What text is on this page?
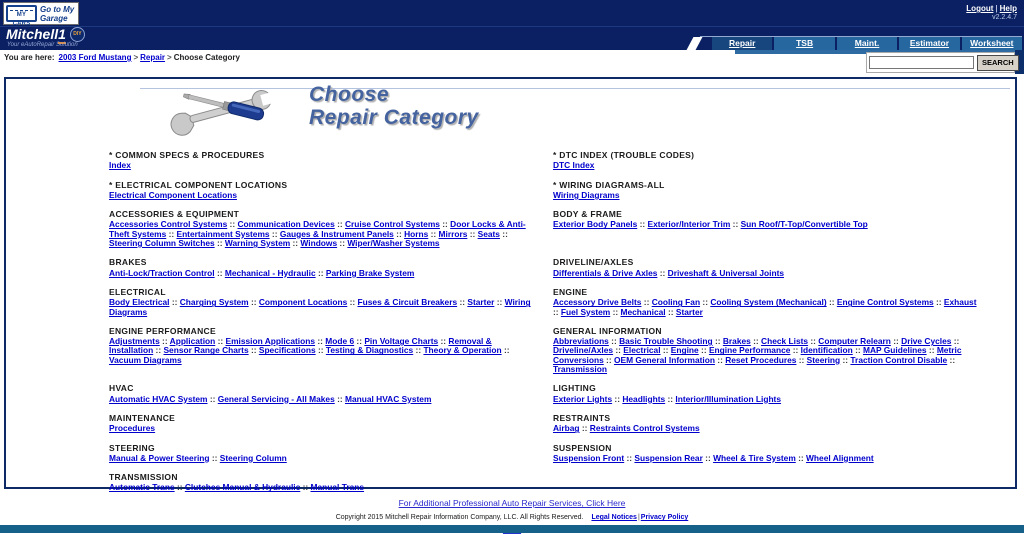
MY CARS
Go to My
Garage
Logout | Help
v2.2.4.7
Mitchell 1	DIY
Your eAutoRepair Solution	Repair	TSB	Maint.	Estimator	Worksheet
You are here: 2003 Ford Mustang > Repair > Choose Category
SEARCH
Choose
Repair Category
* COMMON SPECS & PROCEDURES
Index
* DTC INDEX (TROUBLE CODES)
DTC Index
* ELECTRICAL COMPONENT LOCATIONS
Electrical Component Locations
* WIRING DIAGRAMS-ALL
Wiring Diagrams
ACCESSORIES & EQUIPMENT
Accessories Control Systems :: Communication Devices :: Cruise Control Systems :: Door Locks & Anti-Theft Systems :: Entertainment Systems :: Gauges & Instrument Panels :: Horns :: Mirrors :: Seats :: Steering Column Switches :: Warning System :: Windows :: Wiper/Washer Systems
BODY & FRAME
Exterior Body Panels :: Exterior/Interior Trim :: Sun Roof/T-Top/Convertible Top
BRAKES
Anti-Lock/Traction Control :: Mechanical - Hydraulic :: Parking Brake System
DRIVELINE/AXLES
Differentials & Drive Axles :: Driveshaft & Universal Joints
ELECTRICAL
Body Electrical :: Charging System :: Component Locations :: Fuses & Circuit Breakers :: Starter :: Wiring Diagrams
ENGINE
Accessory Drive Belts :: Cooling Fan :: Cooling System (Mechanical) :: Engine Control Systems :: Exhaust :: Fuel System :: Mechanical :: Starter
ENGINE PERFORMANCE
Adjustments :: Application :: Emission Applications :: Mode 6 :: Pin Voltage Charts :: Removal & Installation :: Sensor Range Charts :: Specifications :: Testing & Diagnostics :: Theory & Operation :: Vacuum Diagrams
GENERAL INFORMATION
Abbreviations :: Basic Trouble Shooting :: Brakes :: Check Lists :: Computer Relearn :: Drive Cycles :: Driveline/Axles :: Electrical :: Engine :: Engine Performance :: Identification :: MAP Guidelines :: Metric Conversions :: OEM General Information :: Reset Procedures :: Steering :: Traction Control Disable :: Transmission
HVAC
Automatic HVAC System :: General Servicing - All Makes :: Manual HVAC System
LIGHTING
Exterior Lights :: Headlights :: Interior/Illumination Lights
MAINTENANCE
Procedures
RESTRAINTS
Airbag :: Restraints Control Systems
STEERING
Manual & Power Steering :: Steering Column
SUSPENSION
Suspension Front :: Suspension Rear :: Wheel & Tire System :: Wheel Alignment
TRANSMISSION
Automatic Trans :: Clutches Manual & Hydraulic :: Manual Trans
For Additional Professional Auto Repair Services, Click Here
Copyright 2015 Mitchell Repair Information Company, LLC. All Rights Reserved. Legal Notices|Privacy Policy
